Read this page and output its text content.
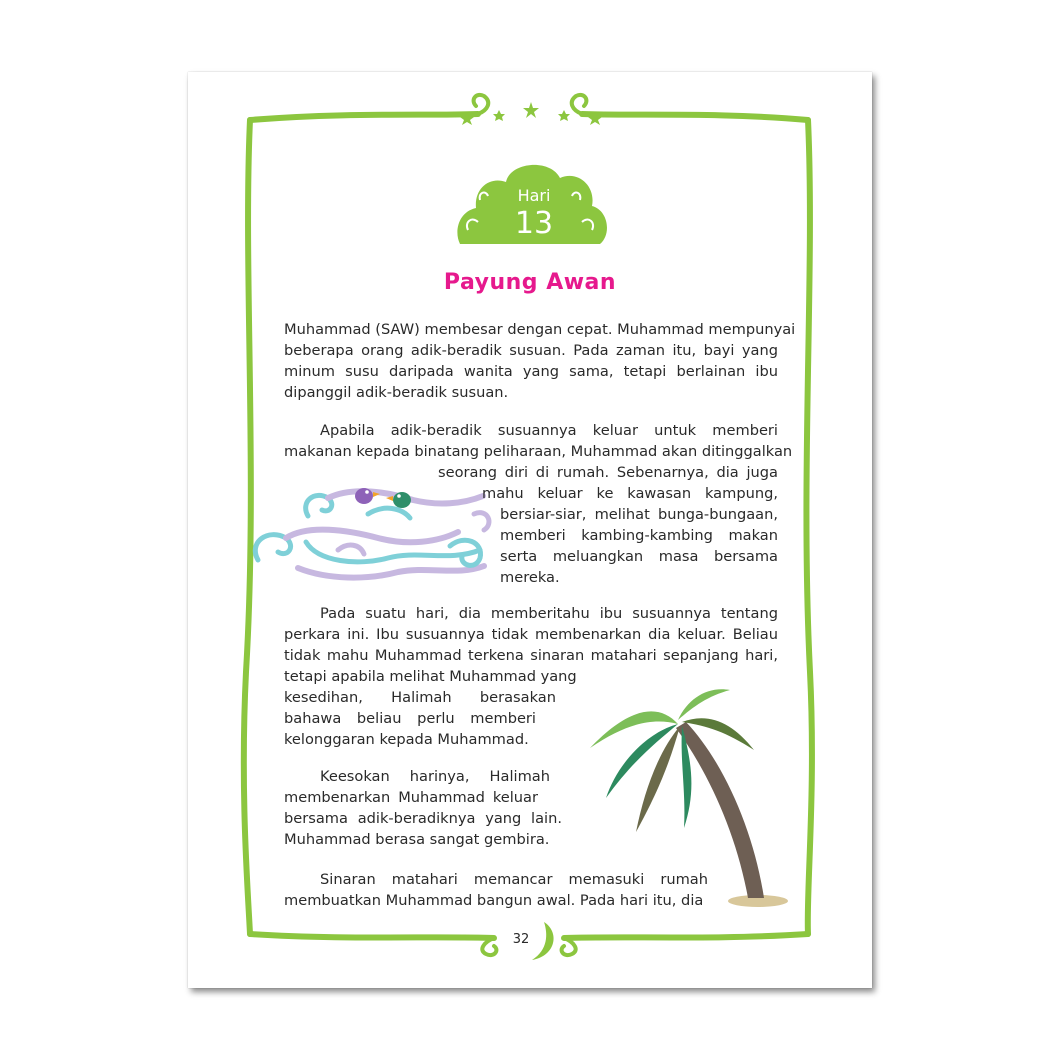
Hari
13
Payung Awan
Muhammad (SAW) membesar dengan cepat. Muhammad mempunyai
beberapa orang adik-beradik susuan. Pada zaman itu, bayi yang
minum susu daripada wanita yang sama, tetapi berlainan ibu
dipanggil adik-beradik susuan.
Apabila adik-beradik susuannya keluar untuk memberi
makanan kepada binatang peliharaan, Muhammad akan ditinggalkan
seorang diri di rumah. Sebenarnya, dia juga
mahu keluar ke kawasan kampung,
bersiar-siar, melihat bunga-bungaan,
memberi kambing-kambing makan
serta meluangkan masa bersama
mereka.
Pada suatu hari, dia memberitahu ibu susuannya tentang
perkara ini. Ibu susuannya tidak membenarkan dia keluar. Beliau
tidak mahu Muhammad terkena sinaran matahari sepanjang hari,
tetapi apabila melihat Muhammad yang
kesedihan, Halimah berasakan
bahawa beliau perlu memberi
kelonggaran kepada Muhammad.
Keesokan harinya, Halimah
membenarkan Muhammad keluar
bersama adik-beradiknya yang lain.
Muhammad berasa sangat gembira.
Sinaran matahari memancar memasuki rumah
membuatkan Muhammad bangun awal. Pada hari itu, dia
32
